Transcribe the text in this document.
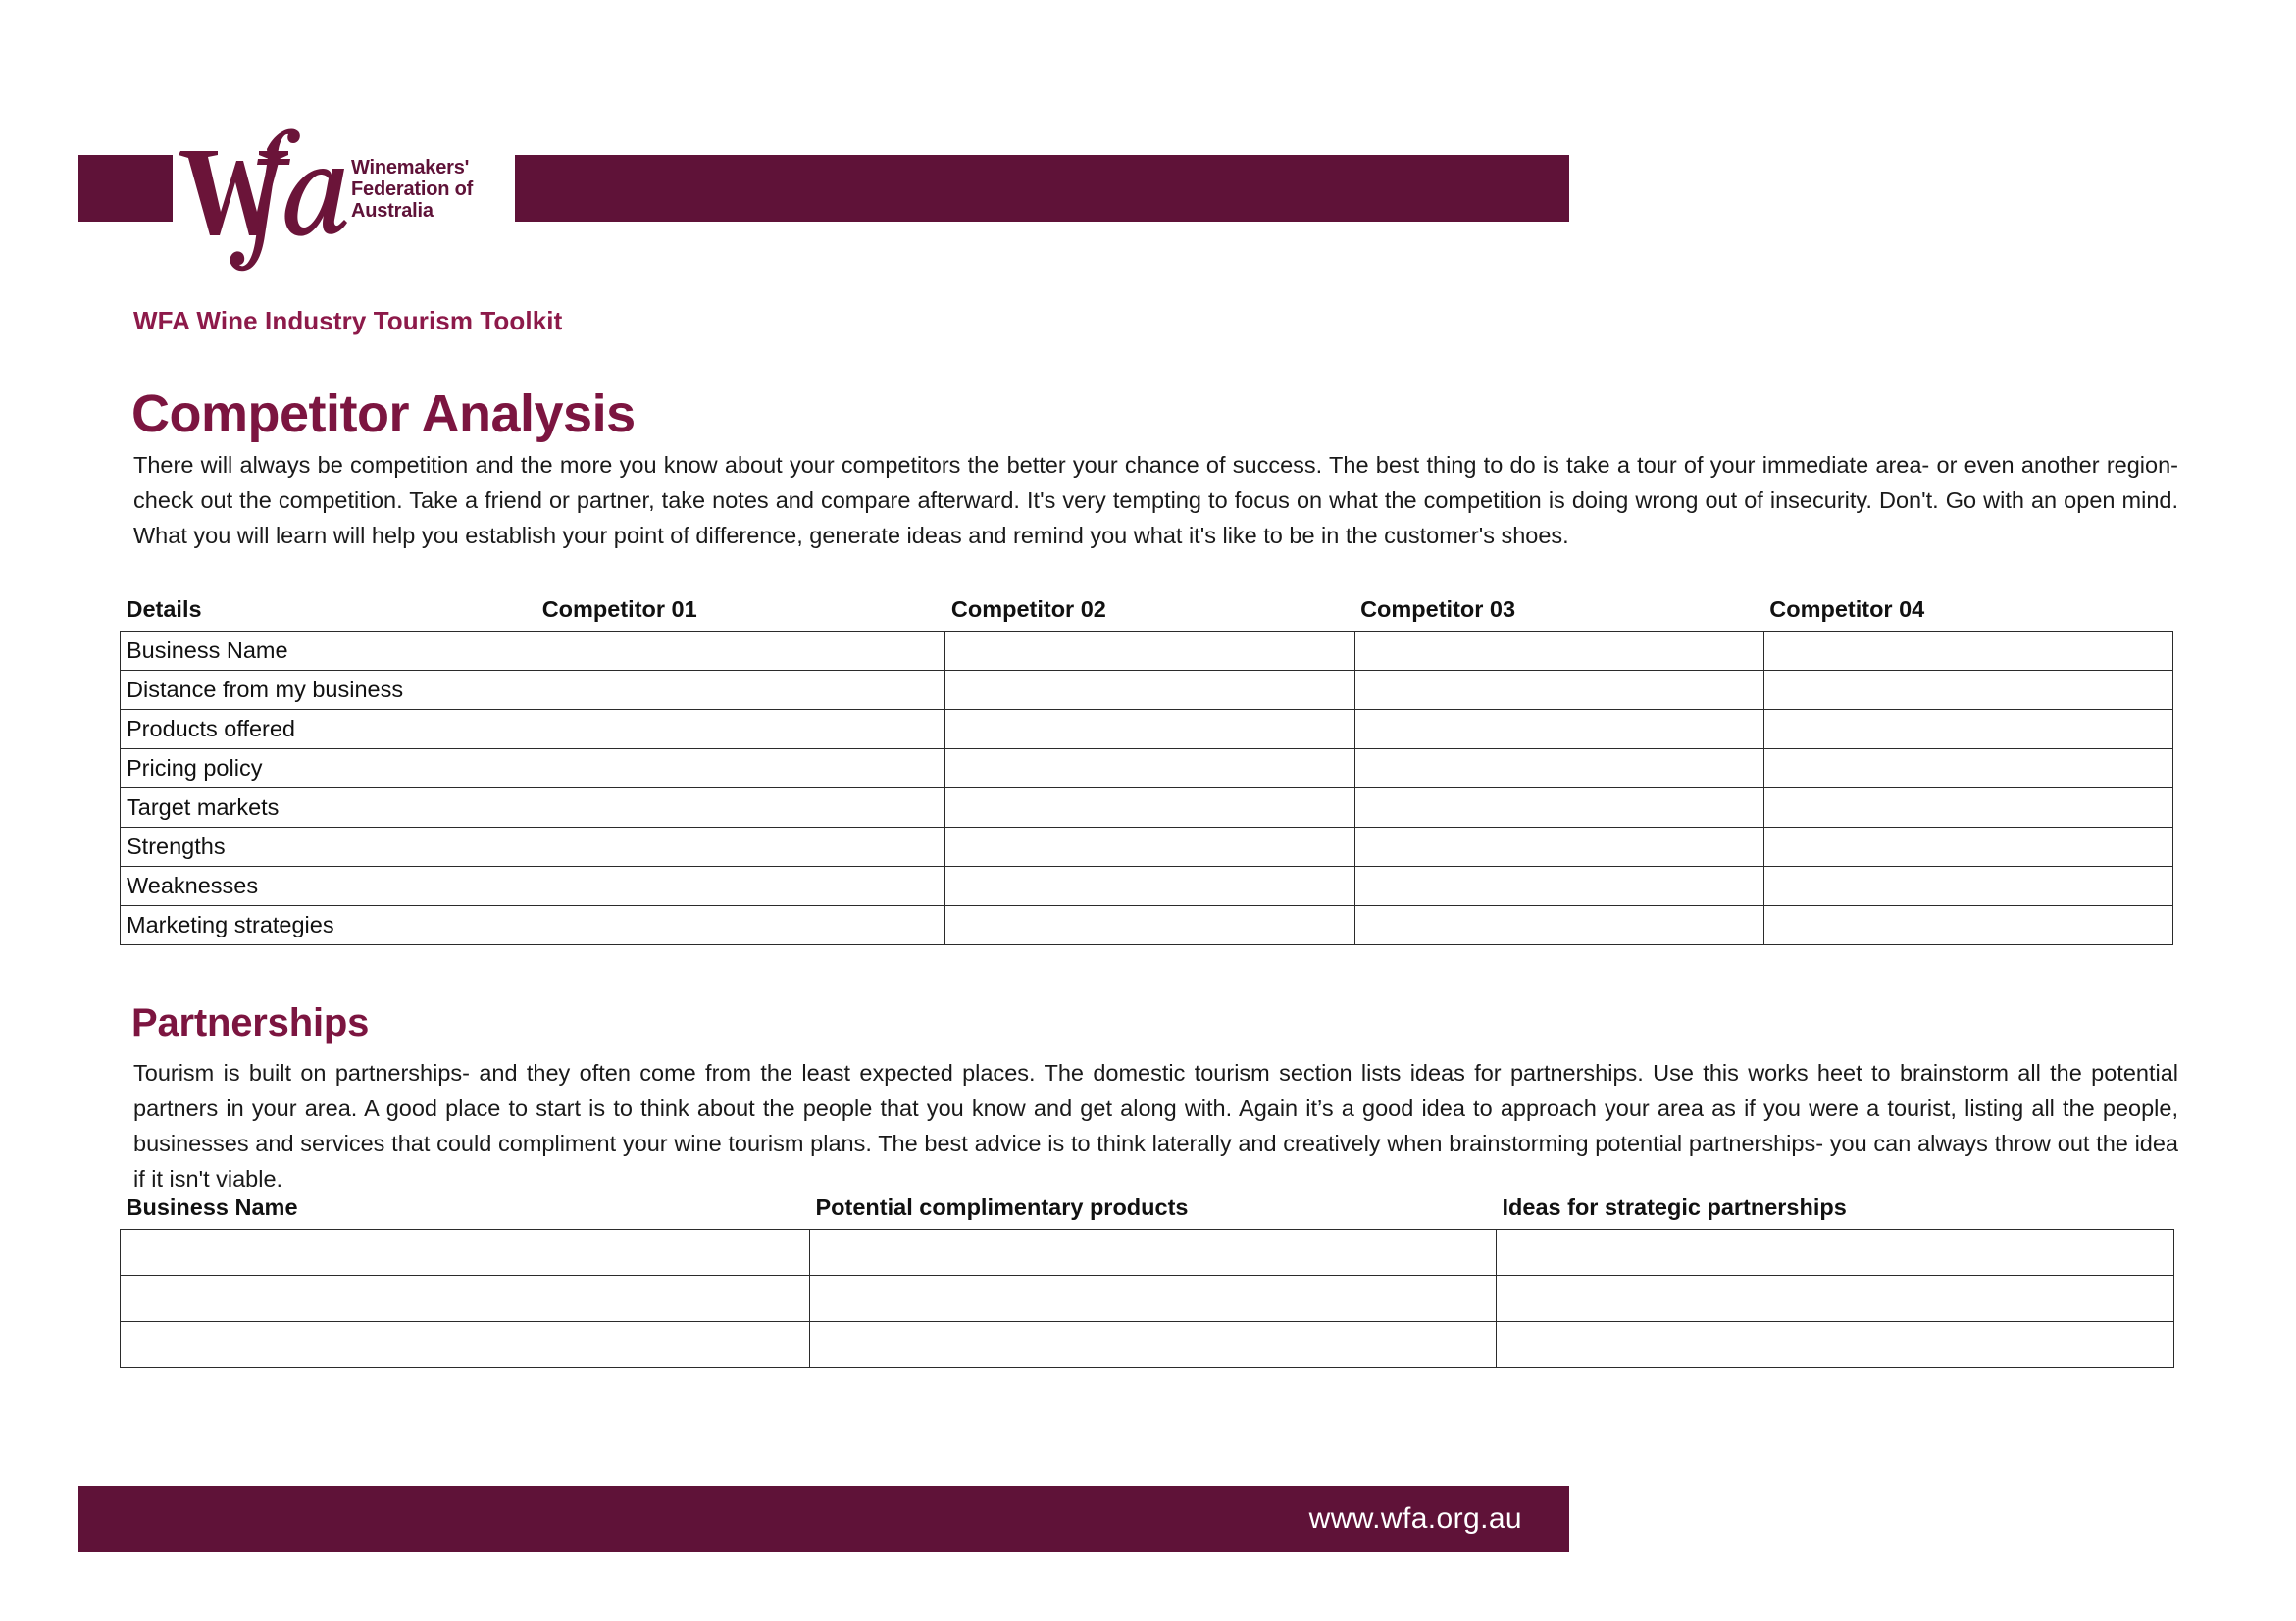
Winemakers'
Federation of
Australia
WFA Wine Industry Tourism Toolkit
Competitor Analysis

There will always be competition and the more you know about your competitors the better your chance of success. The best thing to do is take a tour of your immediate area- or even another region- check out the competition. Take a friend or partner, take notes and compare afterward. It's very tempting to focus on what the competition is doing wrong out of insecurity. Don't. Go with an open mind. What you will learn will help you establish your point of difference, generate ideas and remind you what it's like to be in the customer's shoes.

Details	Competitor 01	Competitor 02	Competitor 03	Competitor 04
Business Name				
Distance from my business				
Products offered				
Pricing policy				
Target markets				
Strengths				
Weaknesses				
Marketing strategies				
Partnerships

Tourism is built on partnerships- and they often come from the least expected places. The domestic tourism section lists ideas for partnerships. Use this works heet to brainstorm all the potential partners in your area. A good place to start is to think about the people that you know and get along with. Again it’s a good idea to approach your area as if you were a tourist, listing all the people, businesses and services that could compliment your wine tourism plans. The best advice is to think laterally and creatively when brainstorming potential partnerships- you can always throw out the idea if it isn't viable.

Business Name	Potential complimentary products	Ideas for strategic partnerships

www.wfa.org.au
